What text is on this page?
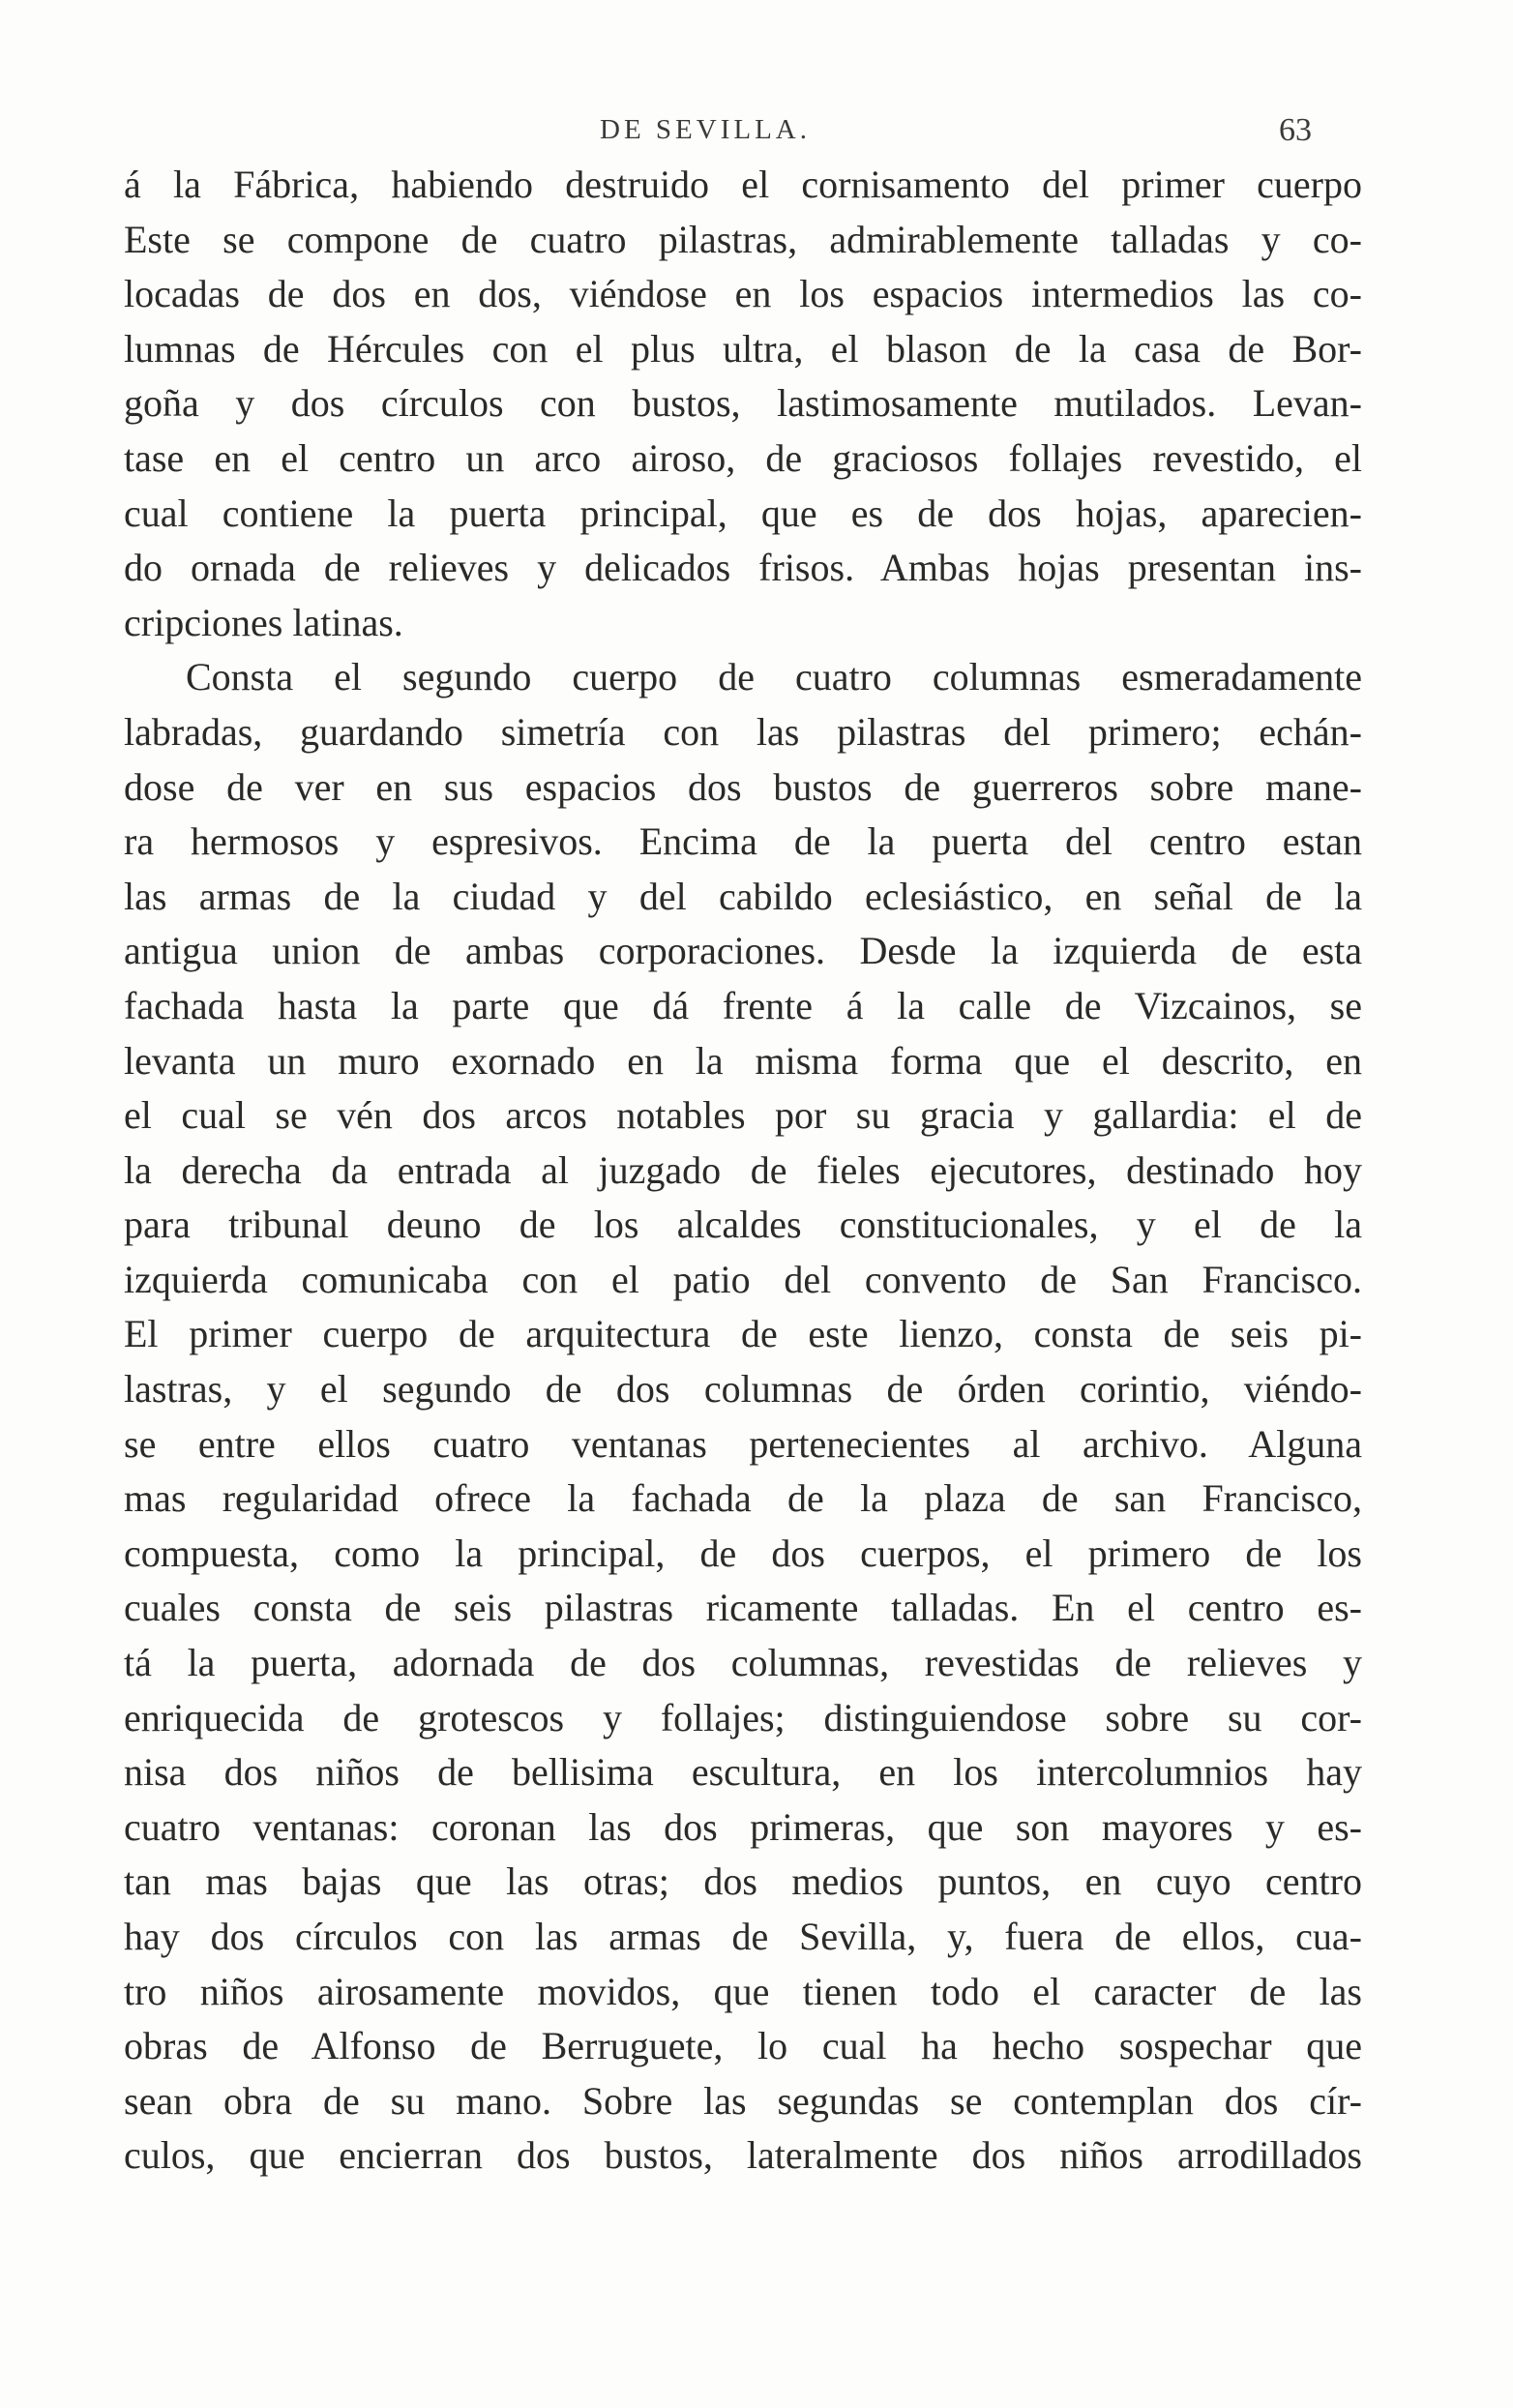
DE SEVILLA.	63
á la Fábrica, habiendo destruido el cornisamento del primer cuerpo
Este se compone de cuatro pilastras, admirablemente talladas y co-
locadas de dos en dos, viéndose en los espacios intermedios las co-
lumnas de Hércules con el plus ultra, el blason de la casa de Bor-
goña y dos círculos con bustos, lastimosamente mutilados. Levan-
tase en el centro un arco airoso, de graciosos follajes revestido, el
cual contiene la puerta principal, que es de dos hojas, aparecien-
do ornada de relieves y delicados frisos. Ambas hojas presentan ins-
cripciones latinas.
Consta el segundo cuerpo de cuatro columnas esmeradamente
labradas, guardando simetría con las pilastras del primero; echán-
dose de ver en sus espacios dos bustos de guerreros sobre mane-
ra hermosos y espresivos. Encima de la puerta del centro estan
las armas de la ciudad y del cabildo eclesiástico, en señal de la
antigua union de ambas corporaciones. Desde la izquierda de esta
fachada hasta la parte que dá frente á la calle de Vizcainos, se
levanta un muro exornado en la misma forma que el descrito, en
el cual se vén dos arcos notables por su gracia y gallardia: el de
la derecha da entrada al juzgado de fieles ejecutores, destinado hoy
para tribunal deuno de los alcaldes constitucionales, y el de la
izquierda comunicaba con el patio del convento de San Francisco.
El primer cuerpo de arquitectura de este lienzo, consta de seis pi-
lastras, y el segundo de dos columnas de órden corintio, viéndo-
se entre ellos cuatro ventanas pertenecientes al archivo. Alguna
mas regularidad ofrece la fachada de la plaza de san Francisco,
compuesta, como la principal, de dos cuerpos, el primero de los
cuales consta de seis pilastras ricamente talladas. En el centro es-
tá la puerta, adornada de dos columnas, revestidas de relieves y
enriquecida de grotescos y follajes; distinguiendose sobre su cor-
nisa dos niños de bellisima escultura, en los intercolumnios hay
cuatro ventanas: coronan las dos primeras, que son mayores y es-
tan mas bajas que las otras; dos medios puntos, en cuyo centro
hay dos círculos con las armas de Sevilla, y, fuera de ellos, cua-
tro niños airosamente movidos, que tienen todo el caracter de las
obras de Alfonso de Berruguete, lo cual ha hecho sospechar que
sean obra de su mano. Sobre las segundas se contemplan dos cír-
culos, que encierran dos bustos, lateralmente dos niños arrodillados
